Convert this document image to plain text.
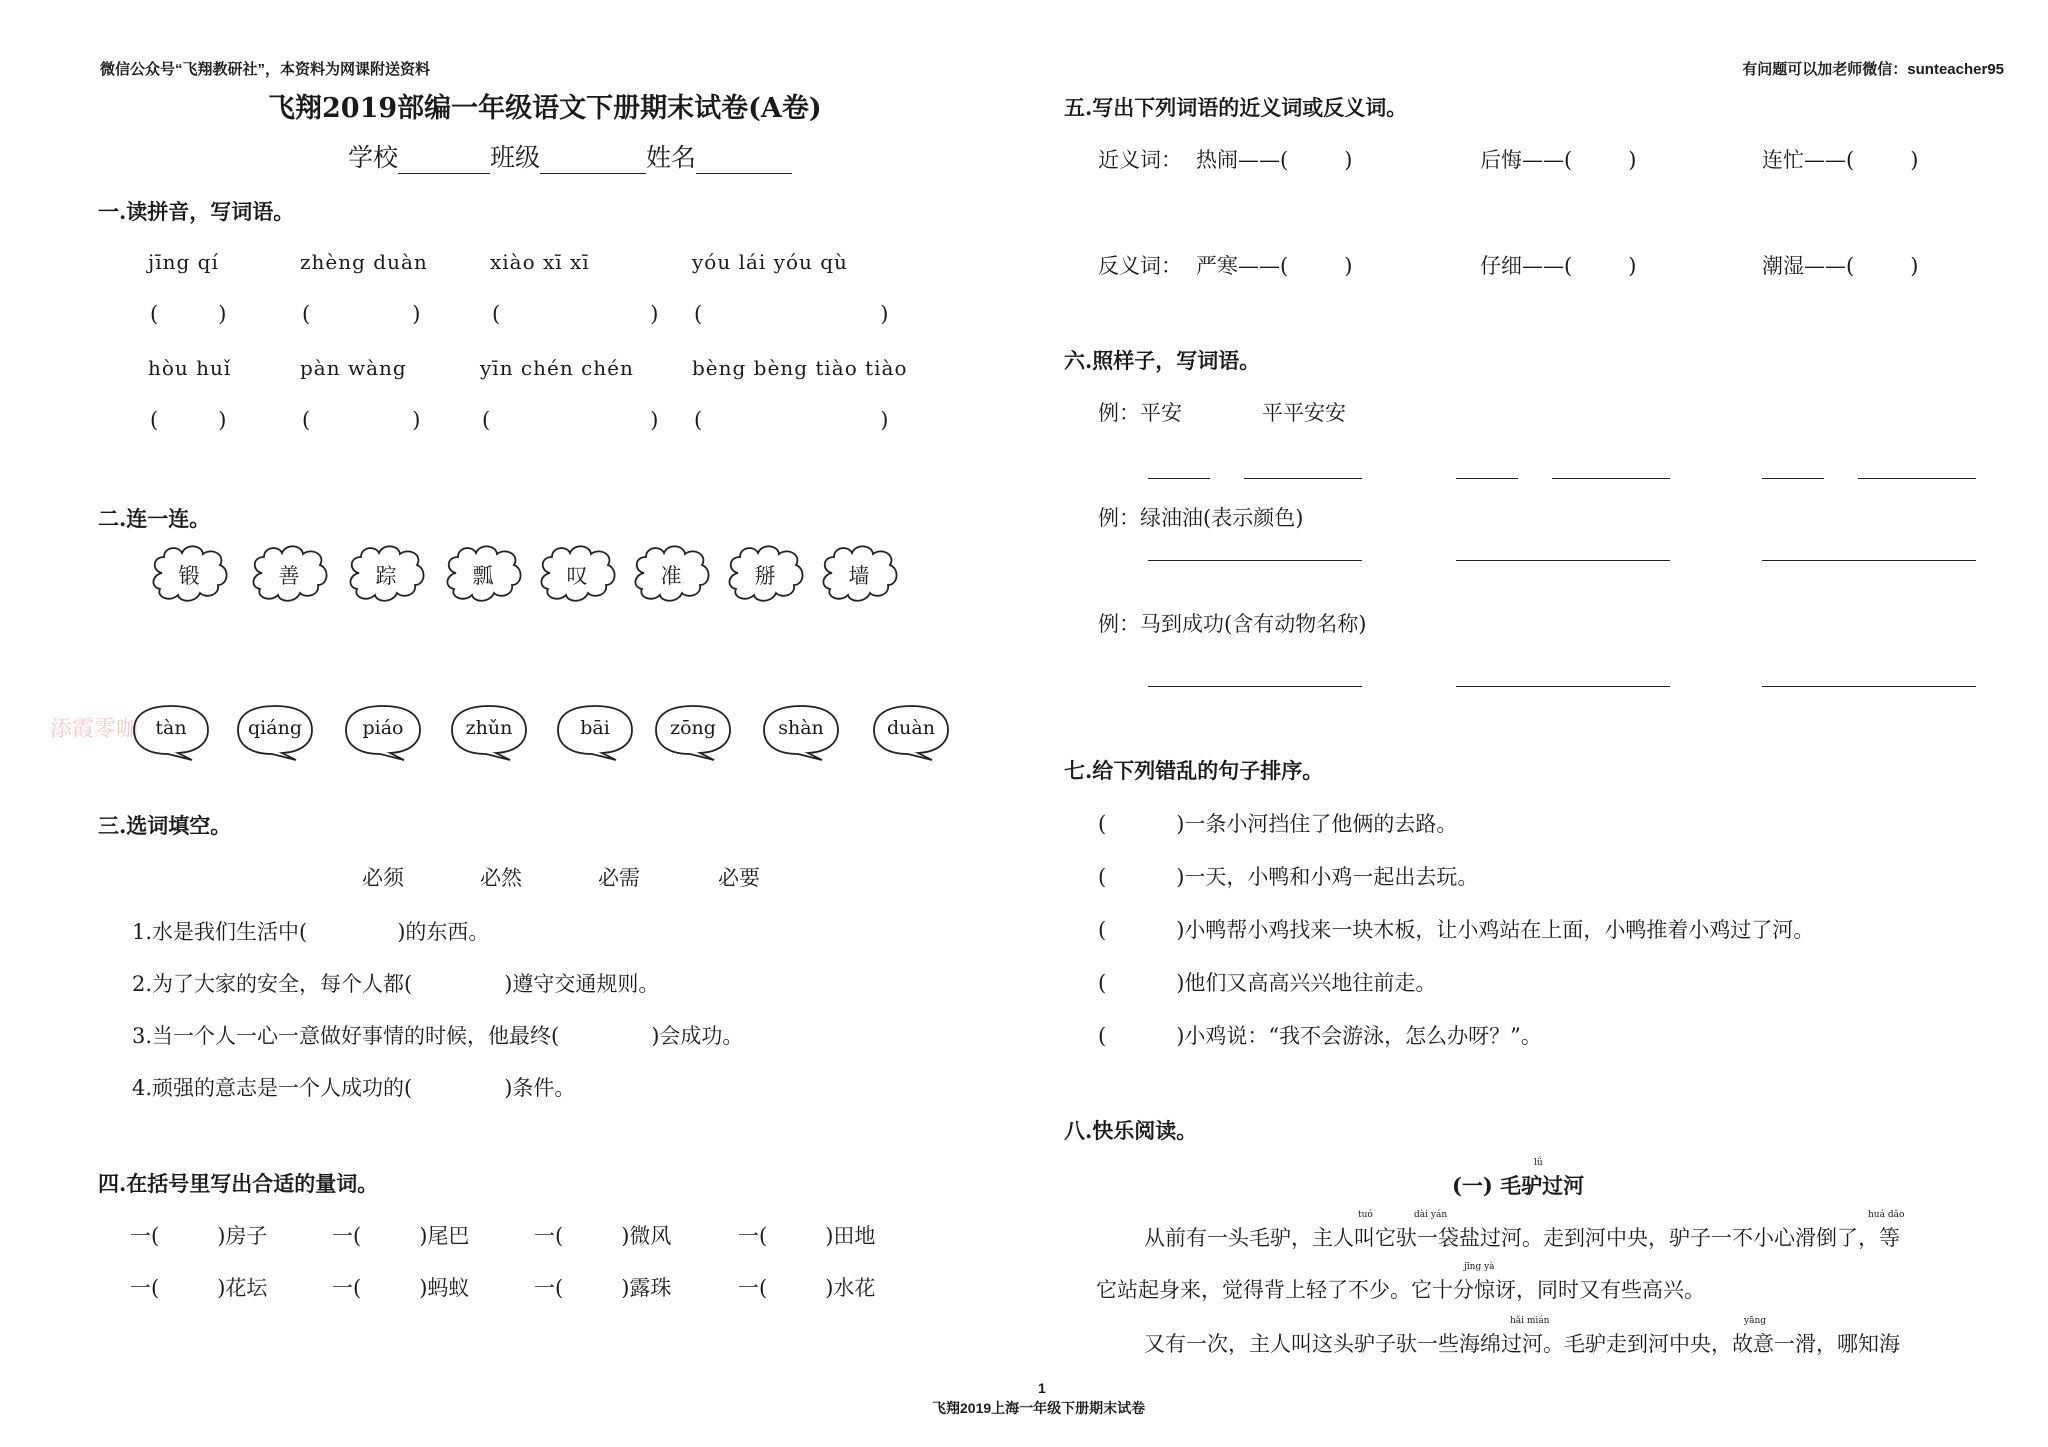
微信公众号“飞翔教研社”，本资料为网课附送资料	有问题可以加老师微信：sunteacher95
飞翔2019部编一年级语文下册期末试卷(A卷)
学校	班级	姓名
一.读拼音，写词语。
jīng qí	zhèng duàn	xiào xī xī	yóu lái yóu qù
(	)	(	)	(	) (	)
hòu huǐ	pàn wàng	yīn chén chén	bèng bèng tiào tiào
(	)	(	)	(	) (	)
二.连一连。
添霞零咖
三.选词填空。
必须	必然	必需	必要
1.水是我们生活中(	)的东西。
2.为了大家的安全，每个人都(	)遵守交通规则。
3.当一个人一心一意做好事情的时候，他最终(	)会成功。
4.顽强的意志是一个人成功的(	)条件。
四.在括号里写出合适的量词。
五.写出下列词语的近义词或反义词。
近义词：
反义词：
六.照样子，写词语。
例：平安	平平安安
例：绿油油(表示颜色)
例：马到成功(含有动物名称)
七.给下列错乱的句子排序。
八.快乐阅读。
lǘ
(一) 毛驴过河
tuó	dài yán	huá dǎo
从前有一头毛驴，主人叫它驮一袋盐过河。走到河中央，驴子一不小心滑倒了，等
jīng yà
它站起身来，觉得背上轻了不少。它十分惊讶，同时又有些高兴。
hǎi mián	yāng
又有一次，主人叫这头驴子驮一些海绵过河。毛驴走到河中央，故意一滑，哪知海
1
飞翔2019上海一年级下册期末试卷
锻	善	踪	瓢	叹	准	掰	墙
tàn	qiáng	piáo	zhǔn	bāi	zōng	shàn	duàn
一(	)房子	一(	)尾巴	一(	)微风	一(	)田地
一(	)花坛	一(	)蚂蚁	一(	)露珠	一(	)水花
热闹——(	)	后悔——(	)	连忙——(	)
严寒——(	)	仔细——(	)	潮湿——(	)
(	)一条小河挡住了他俩的去路。
(	)一天，小鸭和小鸡一起出去玩。
(	)小鸭帮小鸡找来一块木板，让小鸡站在上面，小鸭推着小鸡过了河。
(	)他们又高高兴兴地往前走。
(	)小鸡说：“我不会游泳，怎么办呀？”。
